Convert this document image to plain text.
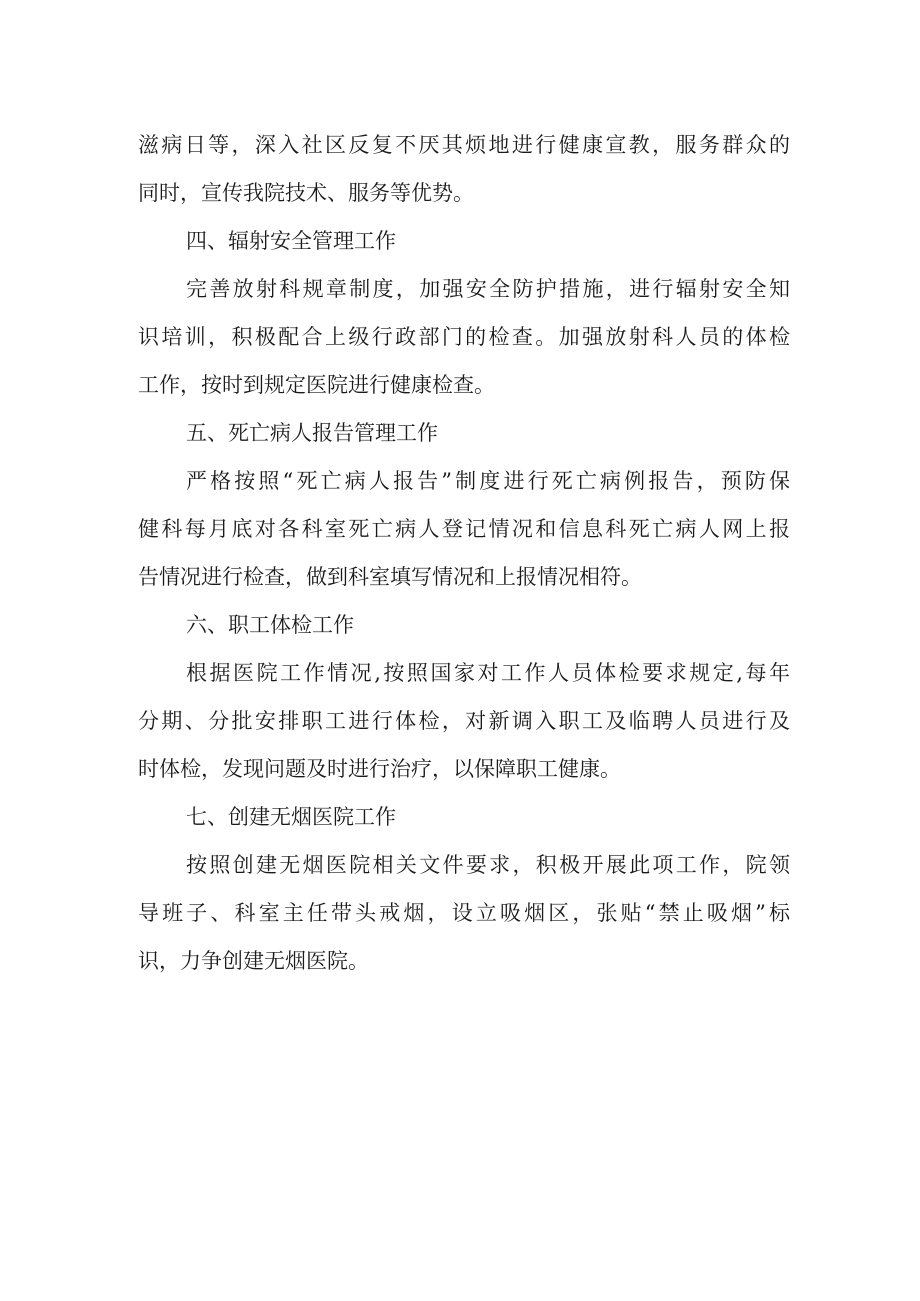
滋病日等，深入社区反复不厌其烦地进行健康宣教，服务群众的
同时，宣传我院技术、服务等优势。
四、辐射安全管理工作
完善放射科规章制度，加强安全防护措施，进行辐射安全知
识培训，积极配合上级行政部门的检查。加强放射科人员的体检
工作，按时到规定医院进行健康检查。
五、死亡病人报告管理工作
严格按照“死亡病人报告”制度进行死亡病例报告，预防保
健科每月底对各科室死亡病人登记情况和信息科死亡病人网上报
告情况进行检查，做到科室填写情况和上报情况相符。
六、职工体检工作
根据医院工作情况,按照国家对工作人员体检要求规定,每年
分期、分批安排职工进行体检，对新调入职工及临聘人员进行及
时体检，发现问题及时进行治疗，以保障职工健康。
七、创建无烟医院工作
按照创建无烟医院相关文件要求，积极开展此项工作，院领
导班子、科室主任带头戒烟，设立吸烟区，张贴“禁止吸烟”标
识，力争创建无烟医院。
